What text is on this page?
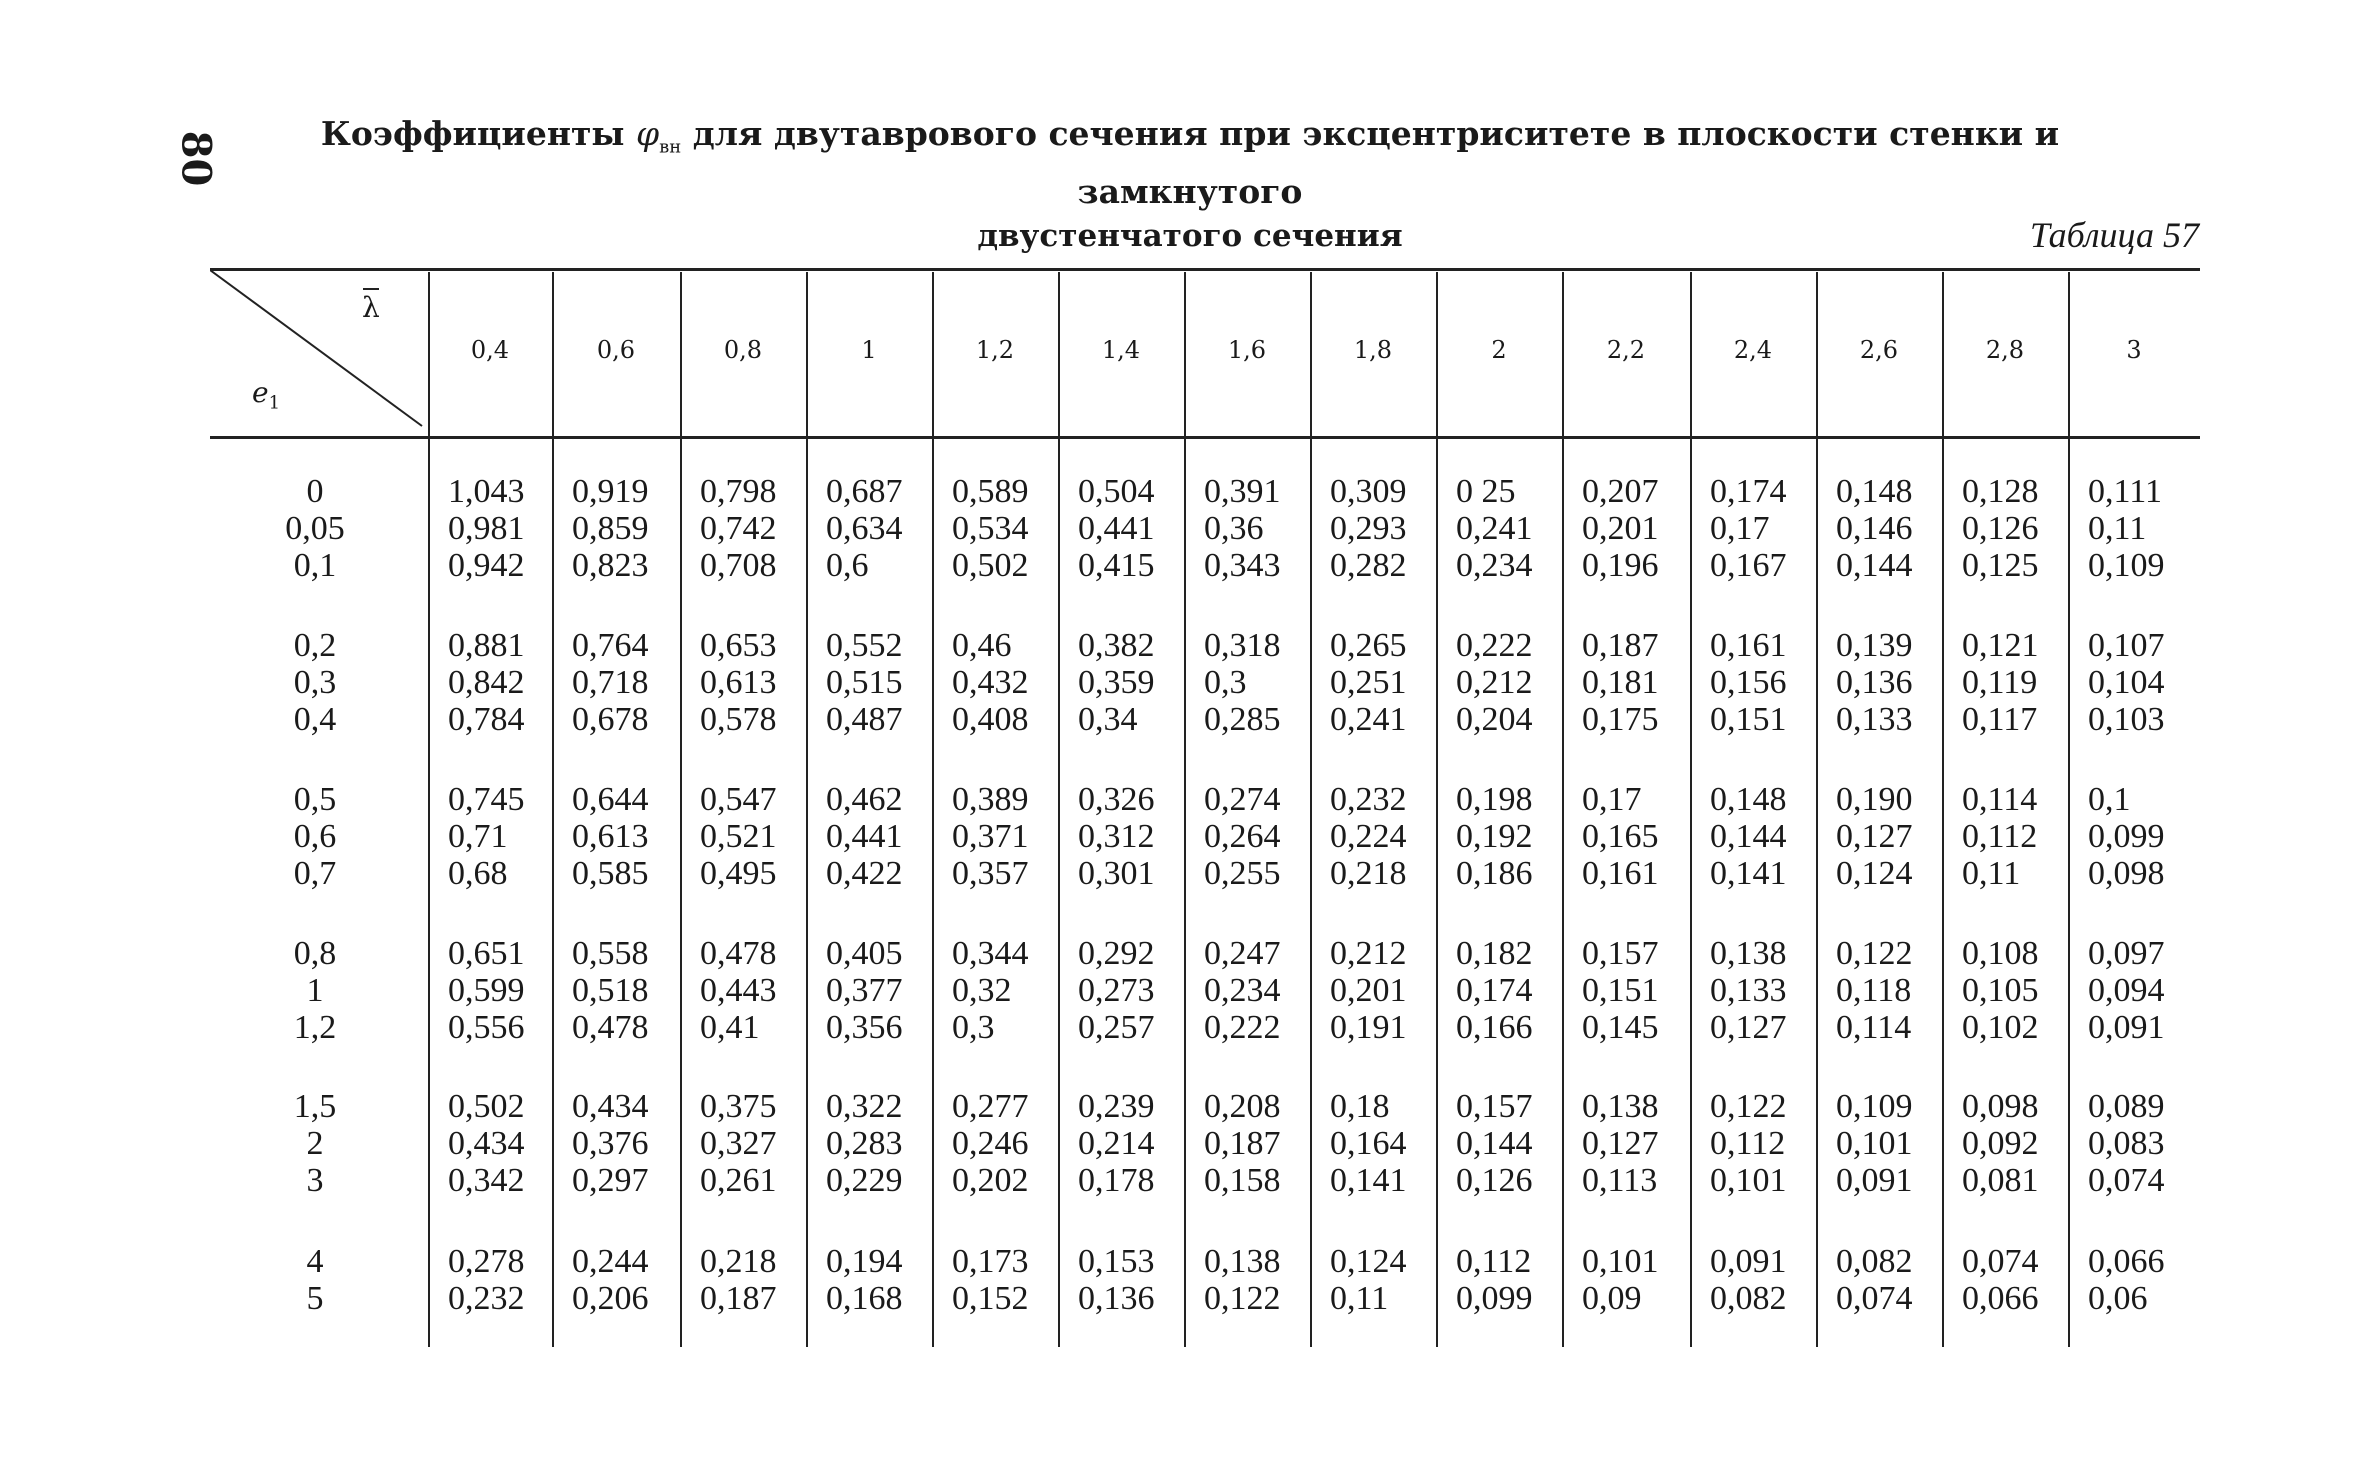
80	Коэффициенты $\varphi_{вн}$ для двутаврового сечения при эксцентриситете в плоскости стенки и замкнутого
двустенчатого сечения	Таблица 57
λ
$e_1$
0,4	0,6	0,8	1	1,2	1,4	1,6	1,8	2	2,2	2,4	2,6	2,8	3
0	1,043 0,919 0,798 0,687 0,589 0,504 0,391 0,309 0 25 0,207 0,174 0,148 0,128 0,111
0,05	0,981 0,859 0,742 0,634 0,534 0,441 0,36 0,293 0,241 0,201 0,17 0,146 0,126 0,11
0,1	0,942 0,823 0,708 0,6 0,502 0,415 0,343 0,282 0,234 0,196 0,167 0,144 0,125 0,109
0,2	0,881 0,764 0,653 0,552 0,46 0,382 0,318 0,265 0,222 0,187 0,161 0,139 0,121 0,107
0,3	0,842 0,718 0,613 0,515 0,432 0,359 0,3 0,251 0,212 0,181 0,156 0,136 0,119 0,104
0,4	0,784 0,678 0,578 0,487 0,408 0,34 0,285 0,241 0,204 0,175 0,151 0,133 0,117 0,103
0,5	0,745 0,644 0,547 0,462 0,389 0,326 0,274 0,232 0,198 0,17 0,148 0,190 0,114 0,1
0,6	0,71 0,613 0,521 0,441 0,371 0,312 0,264 0,224 0,192 0,165 0,144 0,127 0,112 0,099
0,7	0,68 0,585 0,495 0,422 0,357 0,301 0,255 0,218 0,186 0,161 0,141 0,124 0,11 0,098
0,8	0,651 0,558 0,478 0,405 0,344 0,292 0,247 0,212 0,182 0,157 0,138 0,122 0,108 0,097
1	0,599 0,518 0,443 0,377 0,32 0,273 0,234 0,201 0,174 0,151 0,133 0,118 0,105 0,094
1,2	0,556 0,478 0,41 0,356 0,3 0,257 0,222 0,191 0,166 0,145 0,127 0,114 0,102 0,091
1,5	0,502 0,434 0,375 0,322 0,277 0,239 0,208 0,18 0,157 0,138 0,122 0,109 0,098 0,089
2	0,434 0,376 0,327 0,283 0,246 0,214 0,187 0,164 0,144 0,127 0,112 0,101 0,092 0,083
3	0,342 0,297 0,261 0,229 0,202 0,178 0,158 0,141 0,126 0,113 0,101 0,091 0,081 0,074
4	0,278 0,244 0,218 0,194 0,173 0,153 0,138 0,124 0,112 0,101 0,091 0,082 0,074 0,066
5	0,232 0,206 0,187 0,168 0,152 0,136 0,122 0,11 0,099 0,09 0,082 0,074 0,066 0,06
